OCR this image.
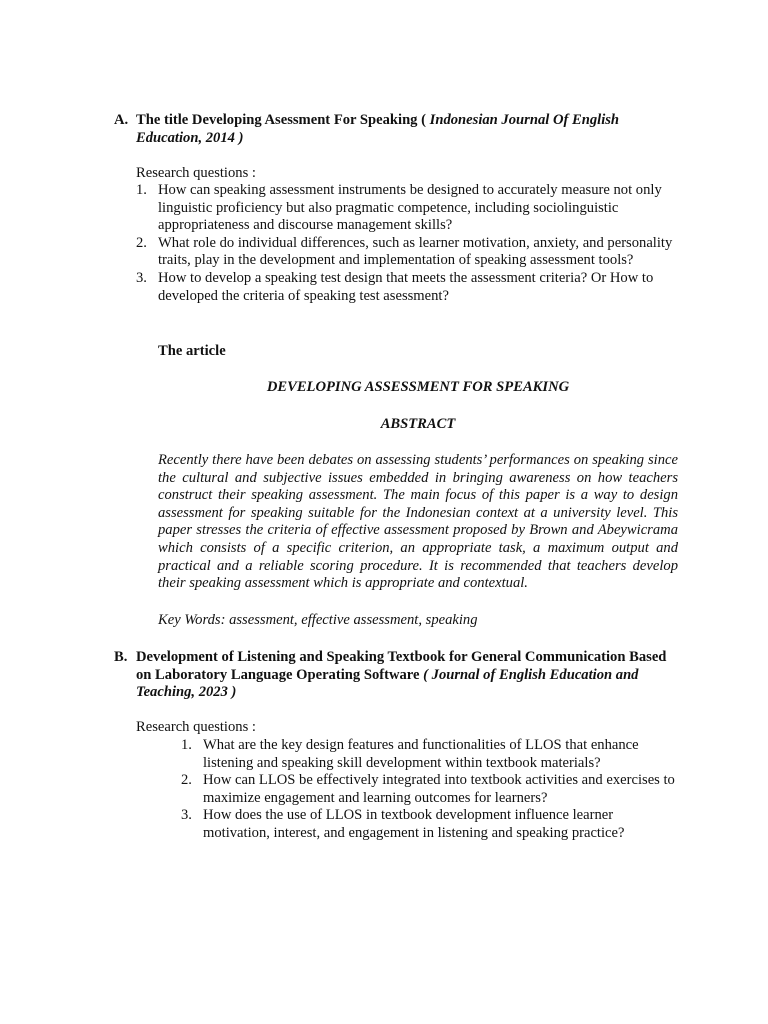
A. The title Developing Asessment For Speaking ( Indonesian Journal Of English Education, 2014 )
Research questions :
1. How can speaking assessment instruments be designed to accurately measure not only linguistic proficiency but also pragmatic competence, including sociolinguistic appropriateness and discourse management skills?
2. What role do individual differences, such as learner motivation, anxiety, and personality traits, play in the development and implementation of speaking assessment tools?
3. How to develop a speaking test design that meets the assessment criteria? Or How to developed the criteria of speaking test asessment?
The article
DEVELOPING ASSESSMENT FOR SPEAKING
ABSTRACT
Recently there have been debates on assessing students’ performances on speaking since the cultural and subjective issues embedded in bringing awareness on how teachers construct their speaking assessment. The main focus of this paper is a way to design assessment for speaking suitable for the Indonesian context at a university level. This paper stresses the criteria of effective assessment proposed by Brown and Abeywicrama which consists of a specific criterion, an appropriate task, a maximum output and practical and a reliable scoring procedure. It is recommended that teachers develop their speaking assessment which is appropriate and contextual.
Key Words: assessment, effective assessment, speaking
B. Development of Listening and Speaking Textbook for General Communication Based on Laboratory Language Operating Software ( Journal of English Education and Teaching, 2023 )
Research questions :
1. What are the key design features and functionalities of LLOS that enhance listening and speaking skill development within textbook materials?
2. How can LLOS be effectively integrated into textbook activities and exercises to maximize engagement and learning outcomes for learners?
3. How does the use of LLOS in textbook development influence learner motivation, interest, and engagement in listening and speaking practice?
